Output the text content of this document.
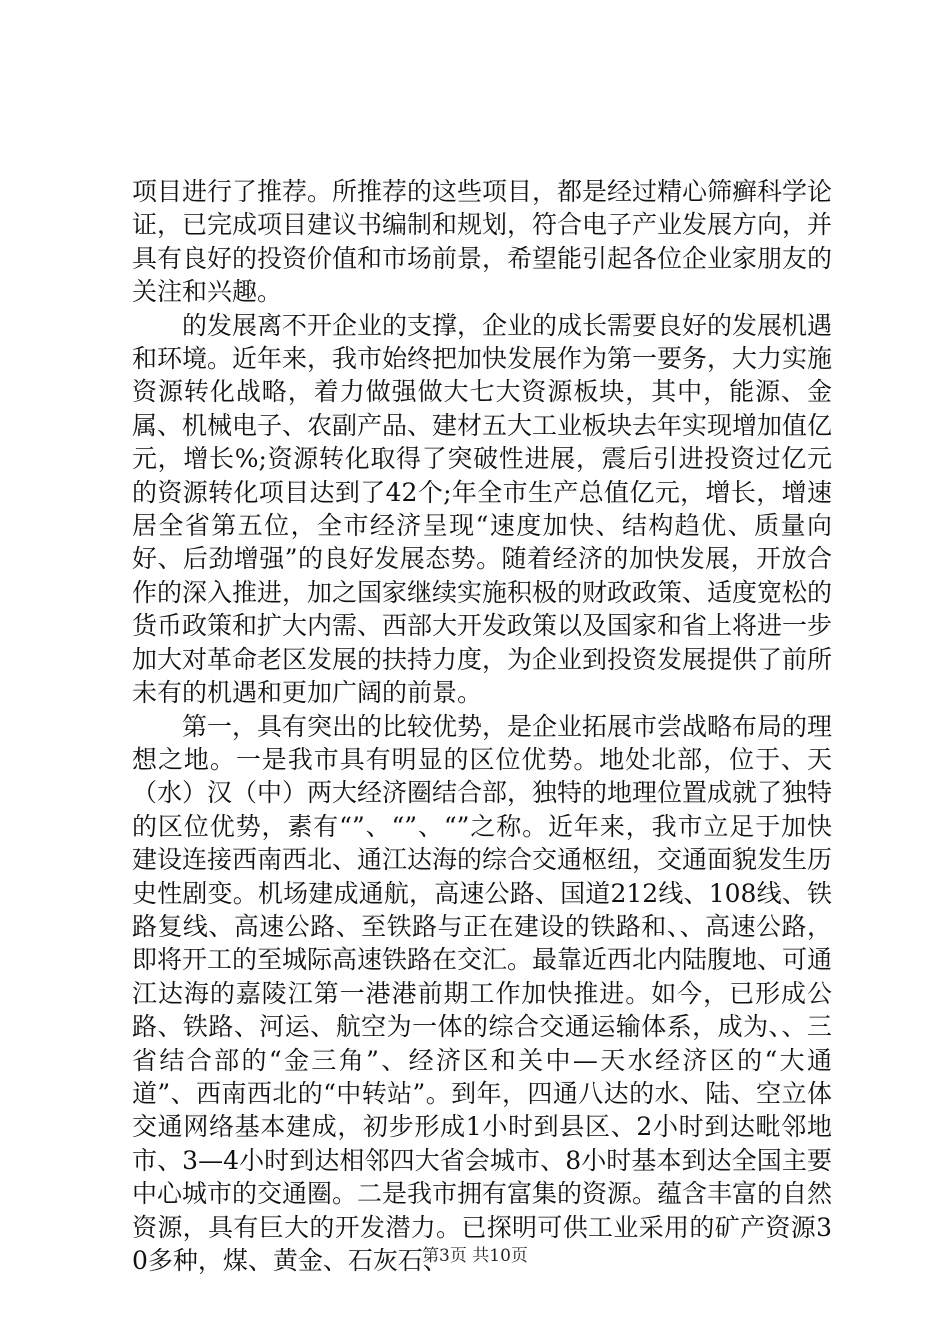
项目进行了推荐。所推荐的这些项目，都是经过精心筛癣科学论证，已完成项目建议书编制和规划，符合电子产业发展方向，并具有良好的投资价值和市场前景，希望能引起各位企业家朋友的关注和兴趣。

的发展离不开企业的支撑，企业的成长需要良好的发展机遇和环境。近年来，我市始终把加快发展作为第一要务，大力实施资源转化战略，着力做强做大七大资源板块，其中，能源、金属、机械电子、农副产品、建材五大工业板块去年实现增加值亿元，增长%;资源转化取得了突破性进展，震后引进投资过亿元的资源转化项目达到了42个;年全市生产总值亿元，增长，增速居全省第五位，全市经济呈现“速度加快、结构趋优、质量向好、后劲增强”的良好发展态势。随着经济的加快发展，开放合作的深入推进，加之国家继续实施积极的财政政策、适度宽松的货币政策和扩大内需、西部大开发政策以及国家和省上将进一步加大对革命老区发展的扶持力度，为企业到投资发展提供了前所未有的机遇和更加广阔的前景。

第一，具有突出的比较优势，是企业拓展市尝战略布局的理想之地。一是我市具有明显的区位优势。地处北部，位于、天（水）汉（中）两大经济圈结合部，独特的地理位置成就了独特的区位优势，素有“”、“”、“”之称。近年来，我市立足于加快建设连接西南西北、通江达海的综合交通枢纽，交通面貌发生历史性剧变。机场建成通航，高速公路、国道212线、108线、铁路复线、高速公路、至铁路与正在建设的铁路和、、高速公路，即将开工的至城际高速铁路在交汇。最靠近西北内陆腹地、可通江达海的嘉陵江第一港港前期工作加快推进。如今，已形成公路、铁路、河运、航空为一体的综合交通运输体系，成为、、三省结合部的“金三角”、经济区和关中—天水经济区的“大通道”、西南西北的“中转站”。到年，四通八达的水、陆、空立体交通网络基本建成，初步形成1小时到县区、2小时到达毗邻地市、3—4小时到达相邻四大省会城市、8小时基本到达全国主要中心城市的交通圈。二是我市拥有富集的资源。蕴含丰富的自然资源，具有巨大的开发潜力。已探明可供工业采用的矿产资源30多种，煤、黄金、石灰石、

第3页 共10页
